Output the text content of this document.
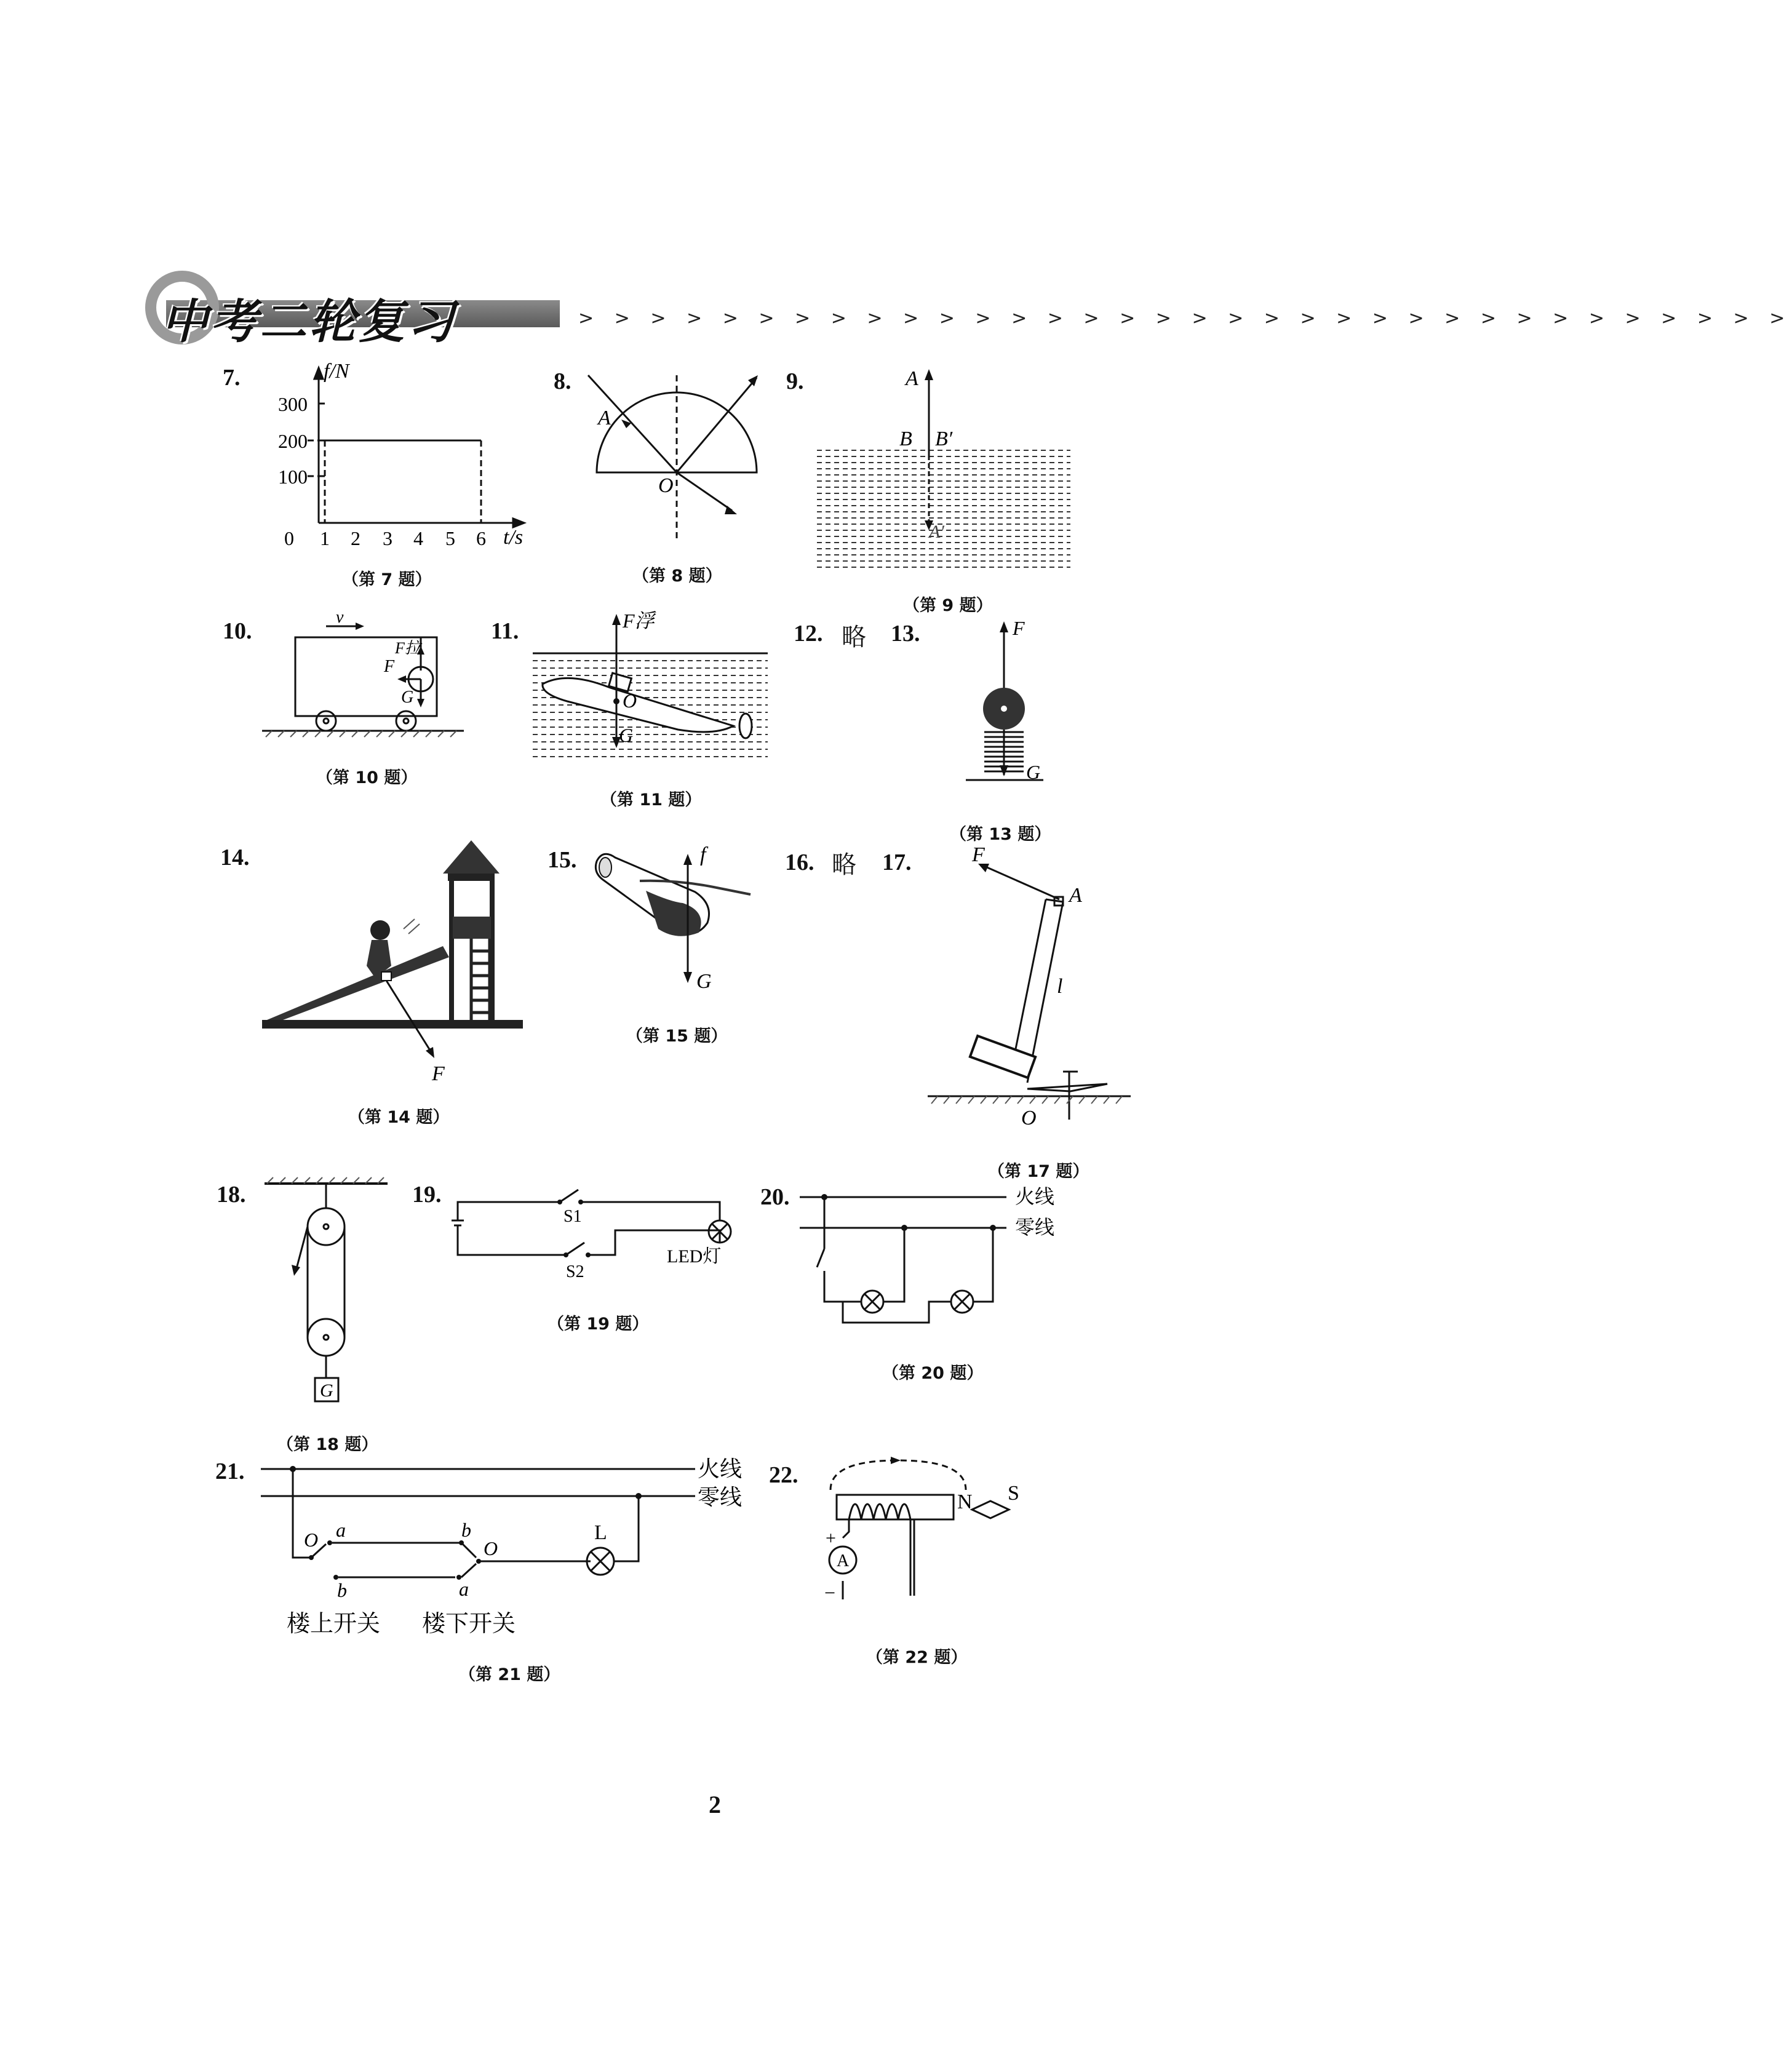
中考二轮复习	> > > > > > > > > > > > > > > > > > > > > > > > > > > > > > > > > >
7.	8.	9.
10.	11.	12. 略 13.
14.	15.	16. 略 17.
18.	19.	20.
21.	22.
（第 7 题）	（第 8 题）
（第 9 题）
（第 10 题）
（第 11 题）
（第 13 题）
（第 14 题）
（第 15 题）
（第 17 题）
（第 18 题）
（第 19 题）
（第 20 题）
（第 21 题）
（第 22 题）
f/N
t/s
300
200
100
0 1 2 3 4 5 6
A
O
A
B B′
A′
v
F拉
F
G
F浮
O
G
F
G
F
f
G
F
A
l
O
G
S1
S2
LED灯
火线
零线
火线
零线
O a
b
b
O
a
L
楼上开关 楼下开关
A
+
−
N S
2
